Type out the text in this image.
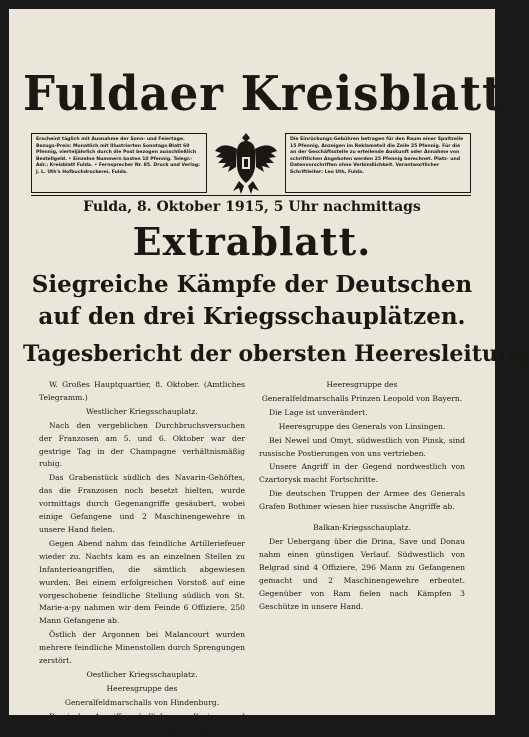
Fuldaer Kreisblatt
Erscheint täglich mit Ausnahme der Sonn- und Feiertage. Bezugs-Preis: Monatlich mit Illustrierten Sonntags-Blatt 60 Pfennig, vierteljährlich durch die Post bezogen ausschließlich Bestellgeld. • Einzelne Nummern kosten 10 Pfennig. Telegr.-Adr.: Kreisblatt Fulda. • Fernsprecher Nr. 85. Druck und Verlag: J. L. Uth's Hofbuchdruckerei, Fulda.
Die Einrückungs-Gebühren betragen für den Raum einer Spaltzeile 15 Pfennig, Anzeigen im Reklameteil die Zeile 25 Pfennig. Für die an der Geschäftsstelle zu erteilende Auskunft oder Annahme von schriftlichen Angeboten werden 25 Pfennig berechnet. Platz- und Datenvorschriften ohne Verbindlichkeit. Verantwortlicher Schriftleiter: Leo Uth, Fulda.
Fulda, 8. Oktober 1915, 5 Uhr nachmittags
Extrablatt.
Siegreiche Kämpfe der Deutschen
auf den drei Kriegsschauplätzen.
Tagesbericht der obersten Heeresleitung

W. Großes Hauptquartier, 8. Oktober. (Amtliches Telegramm.)

Westlicher Kriegsschauplatz.

Nach den vergeblichen Durchbruchsversuchen der Franzosen am 5. und 6. Oktober war der gestrige Tag in der Champagne verhältnismäßig ruhig.

Das Grabenstück südlich des Navarin-Gehöftes, das die Franzosen noch besetzt hielten, wurde vormittags durch Gegenangriffe gesäubert, wobei einige Gefangene und 2 Maschinengewehre in unsere Hand fielen.

Gegen Abend nahm das feindliche Artilleriefeuer wieder zu. Nachts kam es an einzelnen Stellen zu Infanterieangriffen, die sämtlich abgewiesen wurden. Bei einem erfolgreichen Vorstoß auf eine vorgeschobene feindliche Stellung südlich von St. Marie-a-py nahmen wir dem Feinde 6 Offiziere, 250 Mann Gefangene ab.

Östlich der Argonnen bei Malancourt wurden mehrere feindliche Minenstollen durch Sprengungen zerstört.

Oestlicher Kriegsschauplatz.

Heeresgruppe des

Generalfeldmarschalls von Hindenburg.

Russische Angriffe nördlich von Kosjany und südlich des Wiszniew-Sees sind abgeschlagen.

Heeresgruppe des

Generalfeldmarschalls Prinzen Leopold von Bayern.

Die Lage ist unverändert.

Heeresgruppe des Generals von Linsingen.

Bei Newel und Omyt, südwestlich von Pinsk, sind russische Postierungen von uns vertrieben.

Unsere Angriff in der Gegend nordwestlich von Czartorysk macht Fortschritte.

Die deutschen Truppen der Armee des Generals Grafen Bothmer wiesen hier russische Angriffe ab.

Balkan-Kriegsschauplatz.

Der Uebergang über die Drina, Save und Donau nahm einen günstigen Verlauf. Südwestlich von Belgrad sind 4 Offiziere, 296 Mann zu Gefangenen gemacht und 2 Maschinengewehre erbeutet. Gegenüber von Ram fielen nach Kämpfen 3 Geschütze in unsere Hand.
